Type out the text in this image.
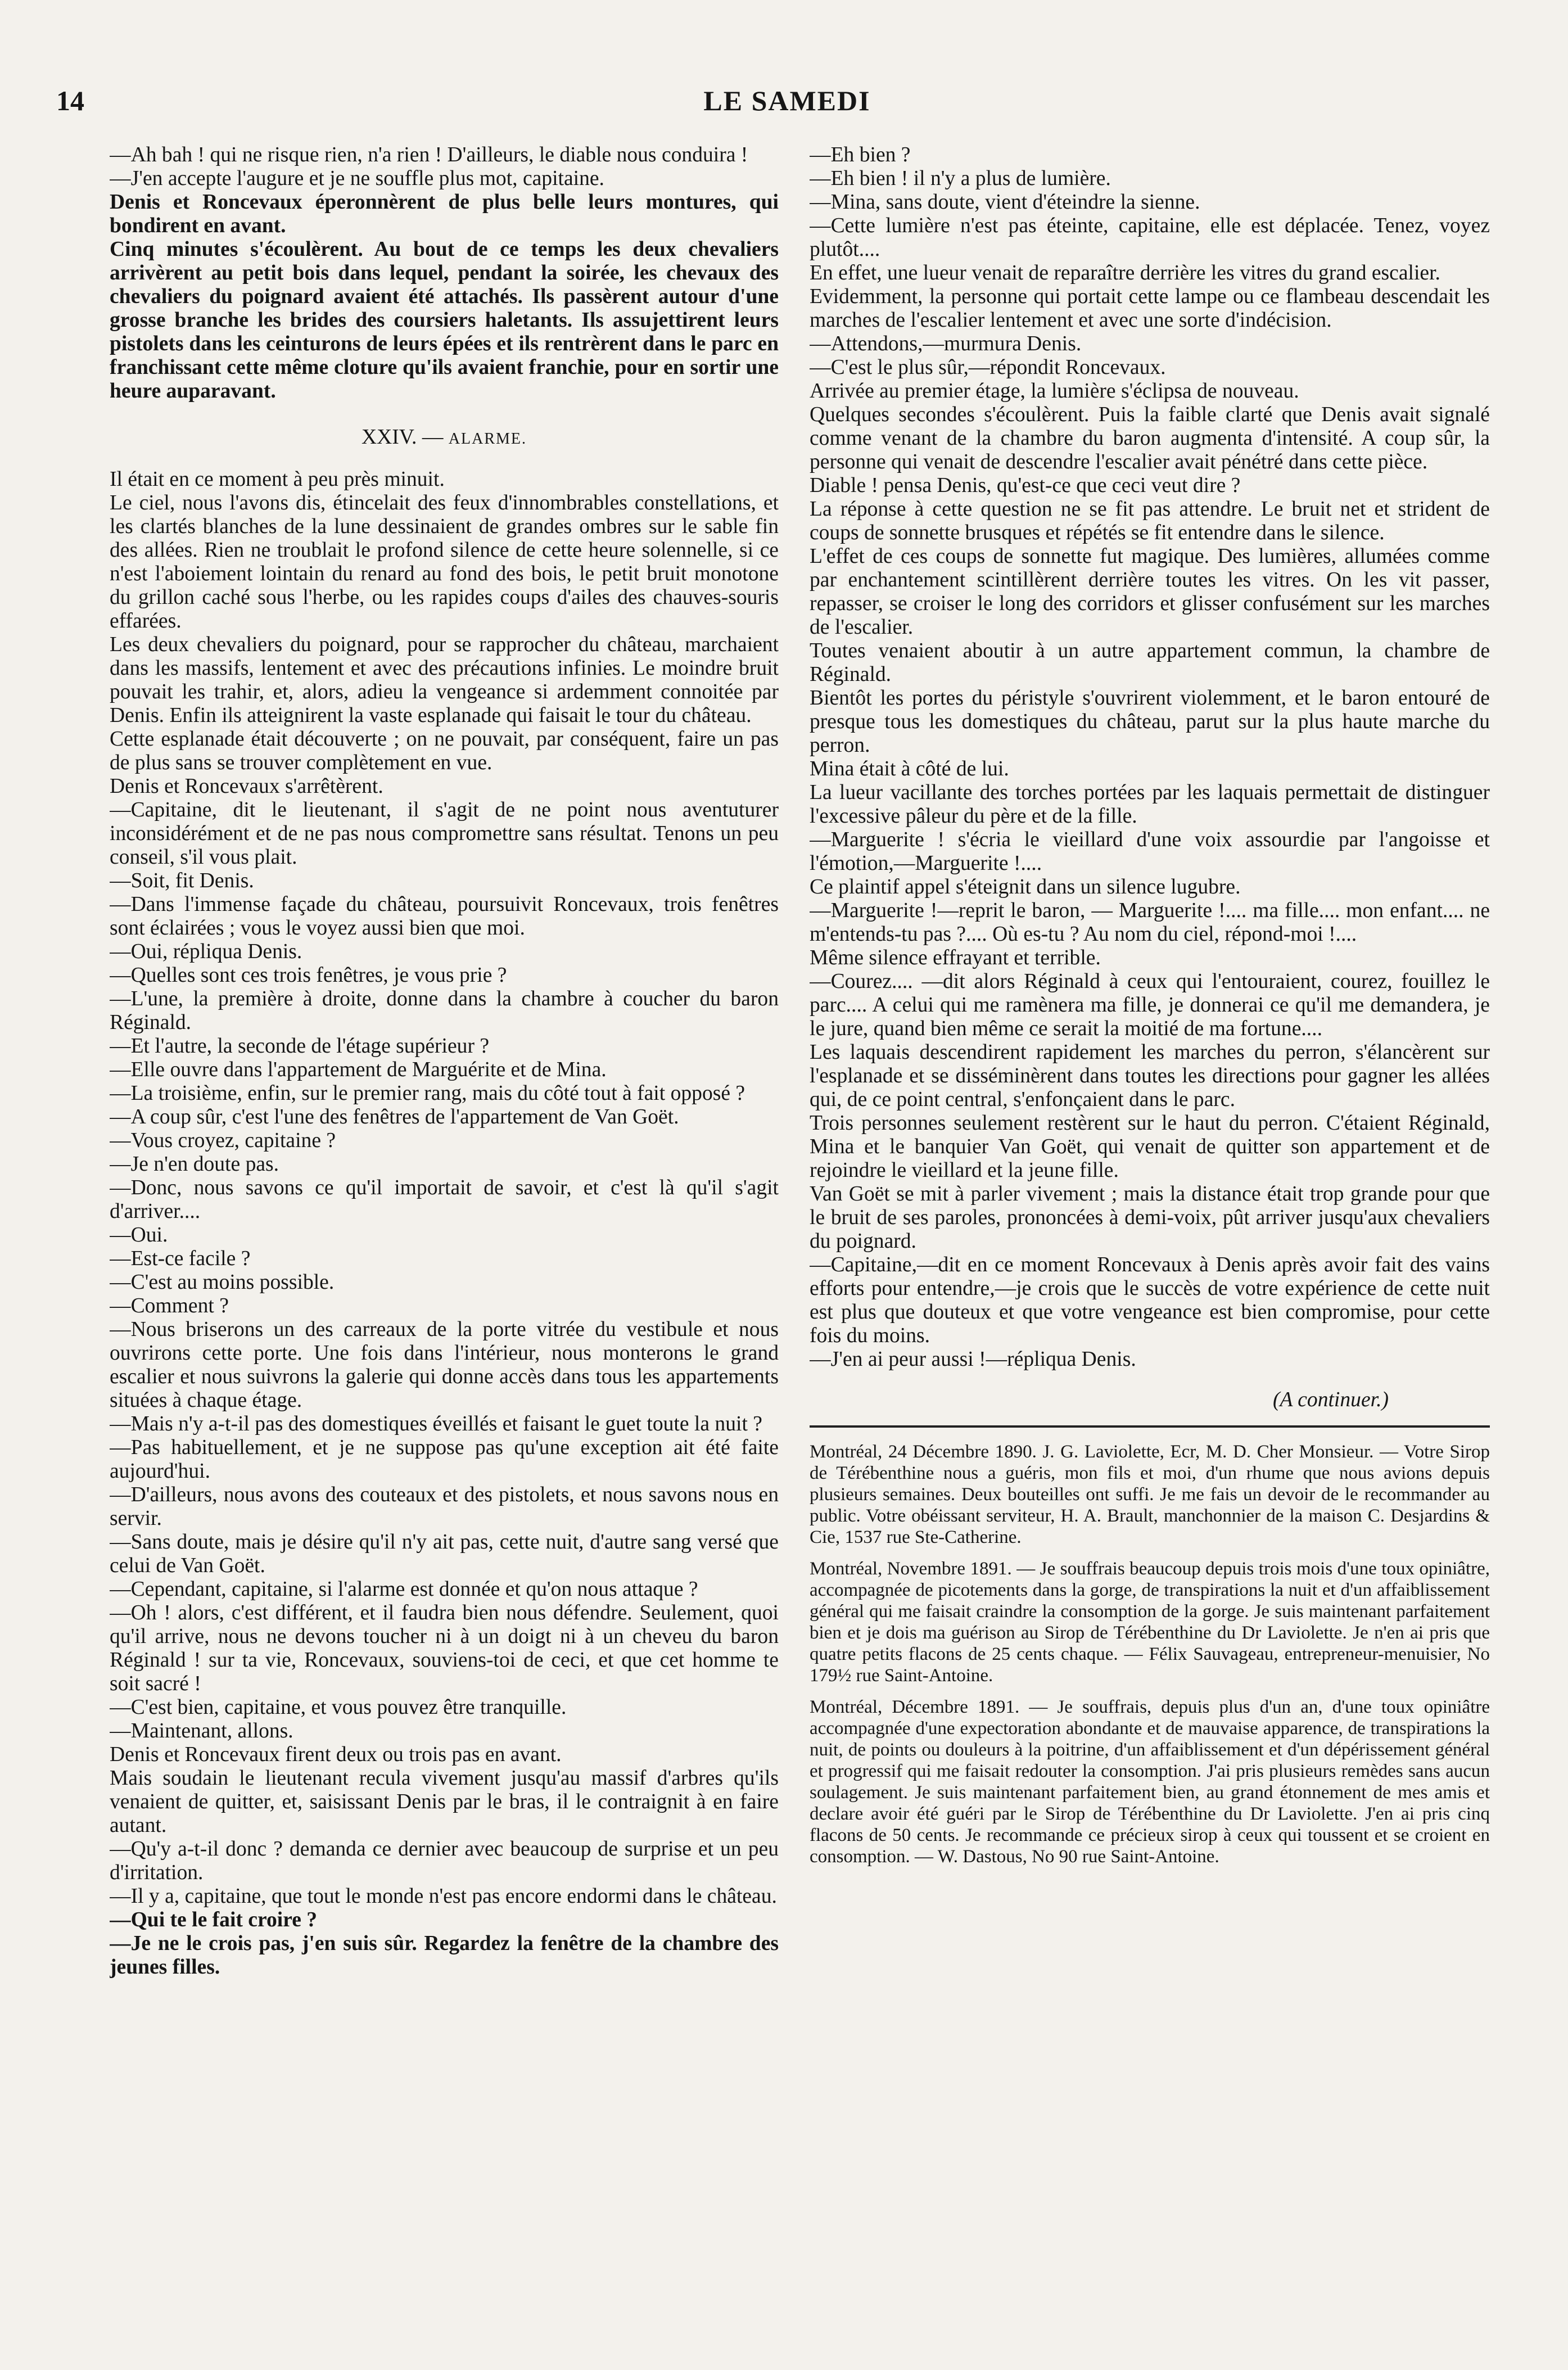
14	LE SAMEDI

—Ah bah ! qui ne risque rien, n'a rien ! D'ailleurs, le diable nous conduira !

—J'en accepte l'augure et je ne souffle plus mot, capitaine.

Denis et Roncevaux éperonnèrent de plus belle leurs montures, qui bondirent en avant.

Cinq minutes s'écoulèrent. Au bout de ce temps les deux chevaliers arrivèrent au petit bois dans lequel, pendant la soirée, les chevaux des chevaliers du poignard avaient été attachés. Ils passèrent autour d'une grosse branche les brides des coursiers haletants. Ils assujettirent leurs pistolets dans les ceinturons de leurs épées et ils rentrèrent dans le parc en franchissant cette même cloture qu'ils avaient franchie, pour en sortir une heure auparavant.

XXIV. — ALARME.

Il était en ce moment à peu près minuit.

Le ciel, nous l'avons dis, étincelait des feux d'innombrables constellations, et les clartés blanches de la lune dessinaient de grandes ombres sur le sable fin des allées. Rien ne troublait le profond silence de cette heure solennelle, si ce n'est l'aboiement lointain du renard au fond des bois, le petit bruit monotone du grillon caché sous l'herbe, ou les rapides coups d'ailes des chauves-souris effarées.

Les deux chevaliers du poignard, pour se rapprocher du château, marchaient dans les massifs, lentement et avec des précautions infinies. Le moindre bruit pouvait les trahir, et, alors, adieu la vengeance si ardemment connoitée par Denis. Enfin ils atteignirent la vaste esplanade qui faisait le tour du château.

Cette esplanade était découverte ; on ne pouvait, par conséquent, faire un pas de plus sans se trouver complètement en vue.

Denis et Roncevaux s'arrêtèrent.

—Capitaine, dit le lieutenant, il s'agit de ne point nous aventuturer inconsidérément et de ne pas nous compromettre sans résultat. Tenons un peu conseil, s'il vous plait.

—Soit, fit Denis.

—Dans l'immense façade du château, poursuivit Roncevaux, trois fenêtres sont éclairées ; vous le voyez aussi bien que moi.

—Oui, répliqua Denis.

—Quelles sont ces trois fenêtres, je vous prie ?

—L'une, la première à droite, donne dans la chambre à coucher du baron Réginald.

—Et l'autre, la seconde de l'étage supérieur ?

—Elle ouvre dans l'appartement de Marguérite et de Mina.

—La troisième, enfin, sur le premier rang, mais du côté tout à fait opposé ?

—A coup sûr, c'est l'une des fenêtres de l'appartement de Van Goët.

—Vous croyez, capitaine ?

—Je n'en doute pas.

—Donc, nous savons ce qu'il importait de savoir, et c'est là qu'il s'agit d'arriver....

—Oui.

—Est-ce facile ?

—C'est au moins possible.

—Comment ?

—Nous briserons un des carreaux de la porte vitrée du vestibule et nous ouvrirons cette porte. Une fois dans l'intérieur, nous monterons le grand escalier et nous suivrons la galerie qui donne accès dans tous les appartements situées à chaque étage.

—Mais n'y a-t-il pas des domestiques éveillés et faisant le guet toute la nuit ?

—Pas habituellement, et je ne suppose pas qu'une exception ait été faite aujourd'hui.

—D'ailleurs, nous avons des couteaux et des pistolets, et nous savons nous en servir.

—Sans doute, mais je désire qu'il n'y ait pas, cette nuit, d'autre sang versé que celui de Van Goët.

—Cependant, capitaine, si l'alarme est donnée et qu'on nous attaque ?

—Oh ! alors, c'est différent, et il faudra bien nous défendre. Seulement, quoi qu'il arrive, nous ne devons toucher ni à un doigt ni à un cheveu du baron Réginald ! sur ta vie, Roncevaux, souviens-toi de ceci, et que cet homme te soit sacré !

—C'est bien, capitaine, et vous pouvez être tranquille.

—Maintenant, allons.

Denis et Roncevaux firent deux ou trois pas en avant.

Mais soudain le lieutenant recula vivement jusqu'au massif d'arbres qu'ils venaient de quitter, et, saisissant Denis par le bras, il le contraignit à en faire autant.

—Qu'y a-t-il donc ? demanda ce dernier avec beaucoup de surprise et un peu d'irritation.

—Il y a, capitaine, que tout le monde n'est pas encore endormi dans le château.

—Qui te le fait croire ?

—Je ne le crois pas, j'en suis sûr. Regardez la fenêtre de la chambre des jeunes filles.

—Eh bien ?

—Eh bien ! il n'y a plus de lumière.

—Mina, sans doute, vient d'éteindre la sienne.

—Cette lumière n'est pas éteinte, capitaine, elle est déplacée. Tenez, voyez plutôt....

En effet, une lueur venait de reparaître derrière les vitres du grand escalier.

Evidemment, la personne qui portait cette lampe ou ce flambeau descendait les marches de l'escalier lentement et avec une sorte d'indécision.

—Attendons,—murmura Denis.

—C'est le plus sûr,—répondit Roncevaux.

Arrivée au premier étage, la lumière s'éclipsa de nouveau.

Quelques secondes s'écoulèrent. Puis la faible clarté que Denis avait signalé comme venant de la chambre du baron augmenta d'intensité. A coup sûr, la personne qui venait de descendre l'escalier avait pénétré dans cette pièce.

Diable ! pensa Denis, qu'est-ce que ceci veut dire ?

La réponse à cette question ne se fit pas attendre. Le bruit net et strident de coups de sonnette brusques et répétés se fit entendre dans le silence.

L'effet de ces coups de sonnette fut magique. Des lumières, allumées comme par enchantement scintillèrent derrière toutes les vitres. On les vit passer, repasser, se croiser le long des corridors et glisser confusément sur les marches de l'escalier.

Toutes venaient aboutir à un autre appartement commun, la chambre de Réginald.

Bientôt les portes du péristyle s'ouvrirent violemment, et le baron entouré de presque tous les domestiques du château, parut sur la plus haute marche du perron.

Mina était à côté de lui.

La lueur vacillante des torches portées par les laquais permettait de distinguer l'excessive pâleur du père et de la fille.

—Marguerite ! s'écria le vieillard d'une voix assourdie par l'angoisse et l'émotion,—Marguerite !....

Ce plaintif appel s'éteignit dans un silence lugubre.

—Marguerite !—reprit le baron, — Marguerite !.... ma fille.... mon enfant.... ne m'entends-tu pas ?.... Où es-tu ? Au nom du ciel, répond-moi !....

Même silence effrayant et terrible.

—Courez.... —dit alors Réginald à ceux qui l'entouraient, courez, fouillez le parc.... A celui qui me ramènera ma fille, je donnerai ce qu'il me demandera, je le jure, quand bien même ce serait la moitié de ma fortune....

Les laquais descendirent rapidement les marches du perron, s'élancèrent sur l'esplanade et se disséminèrent dans toutes les directions pour gagner les allées qui, de ce point central, s'enfonçaient dans le parc.

Trois personnes seulement restèrent sur le haut du perron. C'étaient Réginald, Mina et le banquier Van Goët, qui venait de quitter son appartement et de rejoindre le vieillard et la jeune fille.

Van Goët se mit à parler vivement ; mais la distance était trop grande pour que le bruit de ses paroles, prononcées à demi-voix, pût arriver jusqu'aux chevaliers du poignard.

—Capitaine,—dit en ce moment Roncevaux à Denis après avoir fait des vains efforts pour entendre,—je crois que le succès de votre expérience de cette nuit est plus que douteux et que votre vengeance est bien compromise, pour cette fois du moins.

—J'en ai peur aussi !—répliqua Denis.

(A continuer.)

Montréal, 24 Décembre 1890. J. G. Laviolette, Ecr, M. D. Cher Monsieur. — Votre Sirop de Térébenthine nous a guéris, mon fils et moi, d'un rhume que nous avions depuis plusieurs semaines. Deux bouteilles ont suffi. Je me fais un devoir de le recommander au public. Votre obéissant serviteur, H. A. Brault, manchonnier de la maison C. Desjardins & Cie, 1537 rue Ste-Catherine.

Montréal, Novembre 1891. — Je souffrais beaucoup depuis trois mois d'une toux opiniâtre, accompagnée de picotements dans la gorge, de transpirations la nuit et d'un affaiblissement général qui me faisait craindre la consomption de la gorge. Je suis maintenant parfaitement bien et je dois ma guérison au Sirop de Térébenthine du Dr Laviolette. Je n'en ai pris que quatre petits flacons de 25 cents chaque. — Félix Sauvageau, entrepreneur-menuisier, No 179½ rue Saint-Antoine.

Montréal, Décembre 1891. — Je souffrais, depuis plus d'un an, d'une toux opiniâtre accompagnée d'une expectoration abondante et de mauvaise apparence, de transpirations la nuit, de points ou douleurs à la poitrine, d'un affaiblissement et d'un dépérissement général et progressif qui me faisait redouter la consomption. J'ai pris plusieurs remèdes sans aucun soulagement. Je suis maintenant parfaitement bien, au grand étonnement de mes amis et declare avoir été guéri par le Sirop de Térébenthine du Dr Laviolette. J'en ai pris cinq flacons de 50 cents. Je recommande ce précieux sirop à ceux qui toussent et se croient en consomption. — W. Dastous, No 90 rue Saint-Antoine.
